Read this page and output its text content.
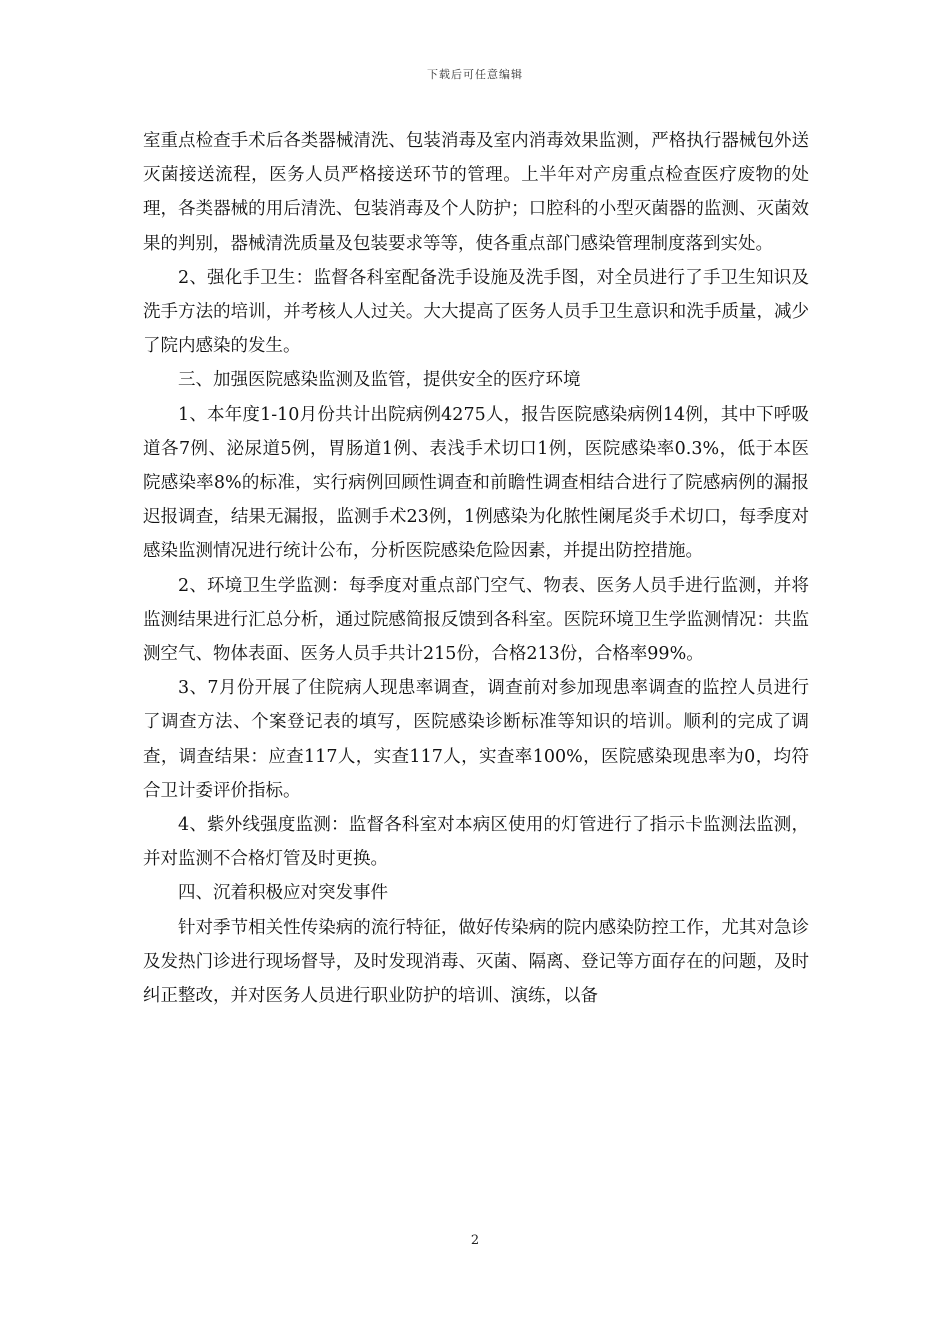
下载后可任意编辑

室重点检查手术后各类器械清洗、包装消毒及室内消毒效果监测，严格执行器械包外送灭菌接送流程，医务人员严格接送环节的管理。上半年对产房重点检查医疗废物的处理，各类器械的用后清洗、包装消毒及个人防护；口腔科的小型灭菌器的监测、灭菌效果的判别，器械清洗质量及包装要求等等，使各重点部门感染管理制度落到实处。

2、强化手卫生：监督各科室配备洗手设施及洗手图，对全员进行了手卫生知识及洗手方法的培训，并考核人人过关。大大提高了医务人员手卫生意识和洗手质量，减少了院内感染的发生。

三、加强医院感染监测及监管，提供安全的医疗环境

1、本年度1-10月份共计出院病例4275人，报告医院感染病例14例，其中下呼吸道各7例、泌尿道5例，胃肠道1例、表浅手术切口1例，医院感染率0.3%，低于本医院感染率8%的标准，实行病例回顾性调查和前瞻性调查相结合进行了院感病例的漏报迟报调查，结果无漏报，监测手术23例，1例感染为化脓性阑尾炎手术切口，每季度对感染监测情况进行统计公布，分析医院感染危险因素，并提出防控措施。

2、环境卫生学监测：每季度对重点部门空气、物表、医务人员手进行监测，并将监测结果进行汇总分析，通过院感简报反馈到各科室。医院环境卫生学监测情况：共监测空气、物体表面、医务人员手共计215份，合格213份，合格率99%。

3、7月份开展了住院病人现患率调查，调查前对参加现患率调查的监控人员进行了调查方法、个案登记表的填写，医院感染诊断标准等知识的培训。顺利的完成了调查，调查结果：应查117人，实查117人，实查率100%，医院感染现患率为0，均符合卫计委评价指标。

4、紫外线强度监测：监督各科室对本病区使用的灯管进行了指示卡监测法监测，并对监测不合格灯管及时更换。

四、沉着积极应对突发事件

针对季节相关性传染病的流行特征，做好传染病的院内感染防控工作，尤其对急诊及发热门诊进行现场督导，及时发现消毒、灭菌、隔离、登记等方面存在的问题，及时纠正整改，并对医务人员进行职业防护的培训、演练，以备

2
